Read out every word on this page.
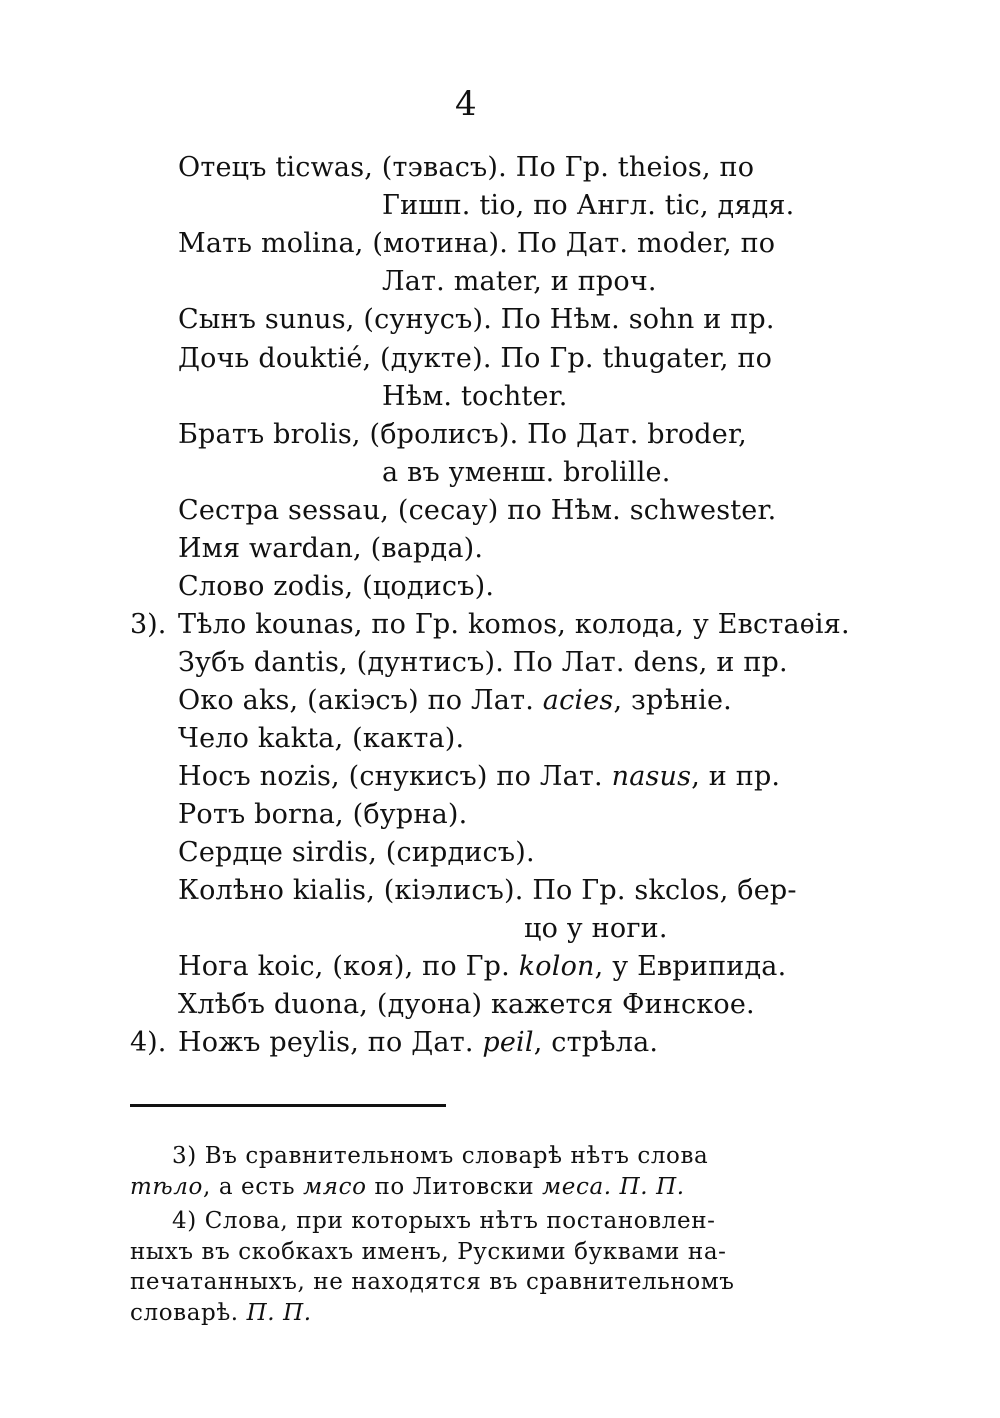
4
Отецъ ticwas, (тэвасъ). По Гр. theios, по
Гишп. tio, по Англ. tic, дядя.
Мать molina, (мотина). По Дат. moder, по
Лат. mater, и проч.
Сынъ sunus, (сунусъ). По Нѣм. sohn и пр.
Дочь douktié, (дукте). По Гр. thugater, по
Нѣм. tochter.
Братъ brolis, (бролисъ). По Дат. broder,
а въ уменш. brolille.
Сестра sessau, (сесау) по Нѣм. schwester.
Имя wardan, (варда).
Слово zodis, (цодисъ).
3). Тѣло kounas, по Гр. komos, колода, у Евстаѳія.
Зубъ dantis, (дунтисъ). По Лат. dens, и пр.
Око aks, (акіэсъ) по Лат. acies, зрѣніе.
Чело kakta, (какта).
Носъ nozis, (снукисъ) по Лат. nasus, и пр.
Ротъ borna, (бурна).
Сердце sirdis, (сирдисъ).
Колѣно kialis, (кіэлисъ). По Гр. skclos, бер-
цо у ноги.
Нога koic, (коя), по Гр. kolon, у Еврипида.
Хлѣбъ duona, (дуона) кажется Финское.
4). Ножъ peylis, по Дат. peil, стрѣла.
3) Въ сравнительномъ словарѣ нѣтъ слова
тѣло, а есть мясо по Литовски меса. П. П.
4) Слова, при которыхъ нѣтъ постановлен-
ныхъ въ скобкахъ именъ, Рускими буквами на-
печатанныхъ, не находятся въ сравнительномъ
словарѣ. П. П.
